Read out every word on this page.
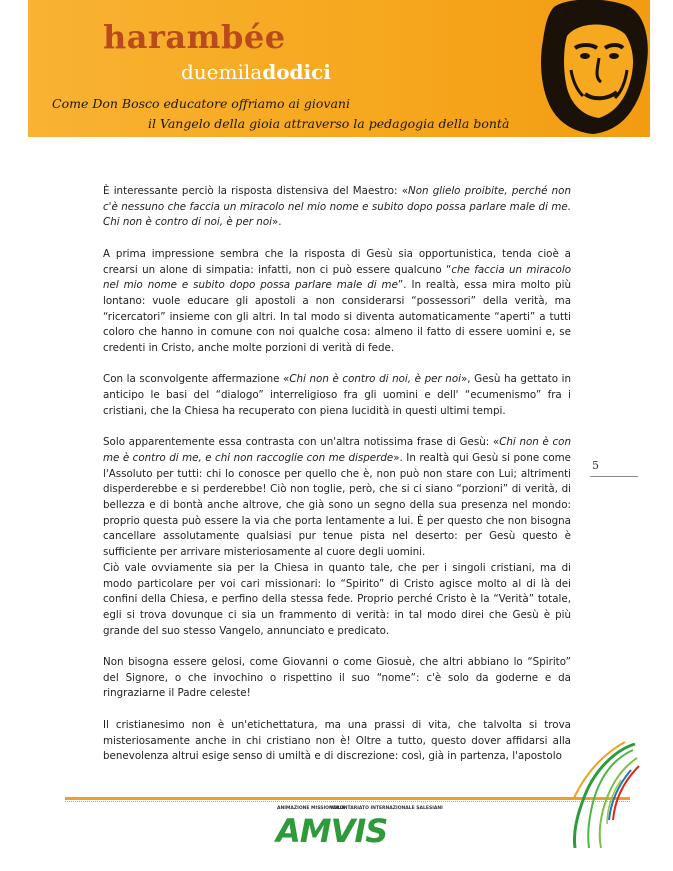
harambée
duemiladodici
Come Don Bosco educatore offriamo ai giovani
il Vangelo della gioia attraverso la pedagogia della bontà

È interessante perciò la risposta distensiva del Maestro: «Non glielo proibite, perché non c'è nessuno che faccia un miracolo nel mio nome e subito dopo possa parlare male di me. Chi non è contro di noi, è per noi».

A prima impressione sembra che la risposta di Gesù sia opportunistica, tenda cioè a crearsi un alone di simpatia: infatti, non ci può essere qualcuno “che faccia un miracolo nel mio nome e subito dopo possa parlare male di me”. In realtà, essa mira molto più lontano: vuole educare gli apostoli a non considerarsi “possessori” della verità, ma “ricercatori” insieme con gli altri. In tal modo si diventa automaticamente “aperti” a tutti coloro che hanno in comune con noi qualche cosa: almeno il fatto di essere uomini e, se credenti in Cristo, anche molte porzioni di verità di fede.

Con la sconvolgente affermazione «Chi non è contro di noi, è per noi», Gesù ha gettato in anticipo le basi del “dialogo” interreligioso fra gli uomini e dell' “ecumenismo” fra i cristiani, che la Chiesa ha recuperato con piena lucidità in questi ultimi tempi.

Solo apparentemente essa contrasta con un'altra notissima frase di Gesù: «Chi non è con me è contro di me, e chi non raccoglie con me disperde». In realtà qui Gesù si pone come l'Assoluto per tutti: chi lo conosce per quello che è, non può non stare con Lui; altrimenti disperderebbe e si perderebbe! Ciò non toglie, però, che si ci siano “porzioni” di verità, di bellezza e di bontà anche altrove, che già sono un segno della sua presenza nel mondo: proprio questa può essere la via che porta lentamente a lui. È per questo che non bisogna cancellare assolutamente qualsiasi pur tenue pista nel deserto: per Gesù questo è sufficiente per arrivare misteriosamente al cuore degli uomini.

Ciò vale ovviamente sia per la Chiesa in quanto tale, che per i singoli cristiani, ma di modo particolare per voi cari missionari: lo “Spirito” di Cristo agisce molto al di là dei confini della Chiesa, e perfino della stessa fede. Proprio perché Cristo è la “Verità” totale, egli si trova dovunque ci sia un frammento di verità: in tal modo direi che Gesù è più grande del suo stesso Vangelo, annunciato e predicato.

Non bisogna essere gelosi, come Giovanni o come Giosuè, che altri abbiano lo “Spirito” del Signore, o che invochino o rispettino il suo “nome”: c'è solo da goderne e da ringraziarne il Padre celeste!

Il cristianesimo non è un'etichettatura, ma una prassi di vita, che talvolta si trova misteriosamente anche in chi cristiano non è! Oltre a tutto, questo dover affidarsi alla benevolenza altrui esige senso di umiltà e di discrezione: così, già in partenza, l'apostolo

5
ANIMAZIONE MISSIONARIA
VOLONTARIATO INTERNAZIONALE SALESIANI
AMVIS
